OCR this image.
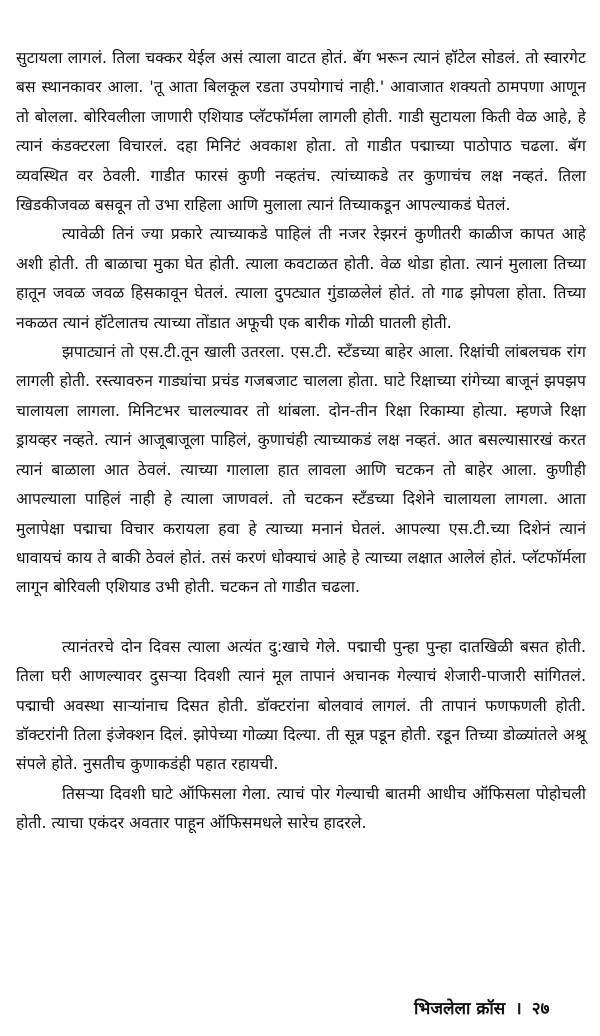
सुटायला लागलं. तिला चक्कर येईल असं त्याला वाटत होतं. बॅग भरून त्यानं हॉटेल सोडलं. तो स्वारगेट बस स्थानकावर आला. 'तू आता बिलकूल रडता उपयोगाचं नाही.' आवाजात शक्यतो ठामपणा आणून तो बोलला. बोरिवलीला जाणारी एशियाड प्लॅटफॉर्मला लागली होती. गाडी सुटायला किती वेळ आहे, हे त्यानं कंडक्टरला विचारलं. दहा मिनिटं अवकाश होता. तो गाडीत पद्माच्या पाठोपाठ चढला. बॅग व्यवस्थित वर ठेवली. गाडीत फारसं कुणी नव्हतंच. त्यांच्याकडे तर कुणाचंच लक्ष नव्हतं. तिला खिडकीजवळ बसवून तो उभा राहिला आणि मुलाला त्यानं तिच्याकडून आपल्याकडं घेतलं.

त्यावेळी तिनं ज्या प्रकारे त्याच्याकडे पाहिलं ती नजर रेझरनं कुणीतरी काळीज कापत आहे अशी होती. ती बाळाचा मुका घेत होती. त्याला कवटाळत होती. वेळ थोडा होता. त्यानं मुलाला तिच्या हातून जवळ जवळ हिसकावून घेतलं. त्याला दुपट्यात गुंडाळलेलं होतं. तो गाढ झोपला होता. तिच्या नकळत त्यानं हॉटेलातच त्याच्या तोंडात अफूची एक बारीक गोळी घातली होती.

झपाट्यानं तो एस.टी.तून खाली उतरला. एस.टी. स्टँडच्या बाहेर आला. रिक्षांची लांबलचक रांग लागली होती. रस्त्यावरुन गाड्यांचा प्रचंड गजबजाट चालला होता. घाटे रिक्षाच्या रांगेच्या बाजूनं झपझप चालायला लागला. मिनिटभर चालल्यावर तो थांबला. दोन-तीन रिक्षा रिकाम्या होत्या. म्हणजे रिक्षा ड्रायव्हर नव्हते. त्यानं आजूबाजूला पाहिलं, कुणाचंही त्याच्याकडं लक्ष नव्हतं. आत बसल्यासारखं करत त्यानं बाळाला आत ठेवलं. त्याच्या गालाला हात लावला आणि चटकन तो बाहेर आला. कुणीही आपल्याला पाहिलं नाही हे त्याला जाणवलं. तो चटकन स्टँडच्या दिशेने चालायला लागला. आता मुलापेक्षा पद्माचा विचार करायला हवा हे त्याच्या मनानं घेतलं. आपल्या एस.टी.च्या दिशेनं त्यानं धावायचं काय ते बाकी ठेवलं होतं. तसं करणं धोक्याचं आहे हे त्याच्या लक्षात आलेलं होतं. प्लॅटफॉर्मला लागून बोरिवली एशियाड उभी होती. चटकन तो गाडीत चढला.

त्यानंतरचे दोन दिवस त्याला अत्यंत दु:खाचे गेले. पद्माची पुन्हा पुन्हा दातखिळी बसत होती. तिला घरी आणल्यावर दुसऱ्या दिवशी त्यानं मूल तापानं अचानक गेल्याचं शेजारी-पाजारी सांगितलं. पद्माची अवस्था साऱ्यांनाच दिसत होती. डॉक्टरांना बोलवावं लागलं. ती तापानं फणफणली होती. डॉक्टरांनी तिला इंजेक्शन दिलं. झोपेच्या गोळ्या दिल्या. ती सून्न पडून होती. रडून तिच्या डोळ्यांतले अश्रू संपले होते. नुसतीच कुणाकडंही पहात रहायची.

तिसऱ्या दिवशी घाटे ऑफिसला गेला. त्याचं पोर गेल्याची बातमी आधीच ऑफिसला पोहोचली होती. त्याचा एकंदर अवतार पाहून ऑफिसमधले सारेच हादरले.

भिजलेला क्रॉस । २७
